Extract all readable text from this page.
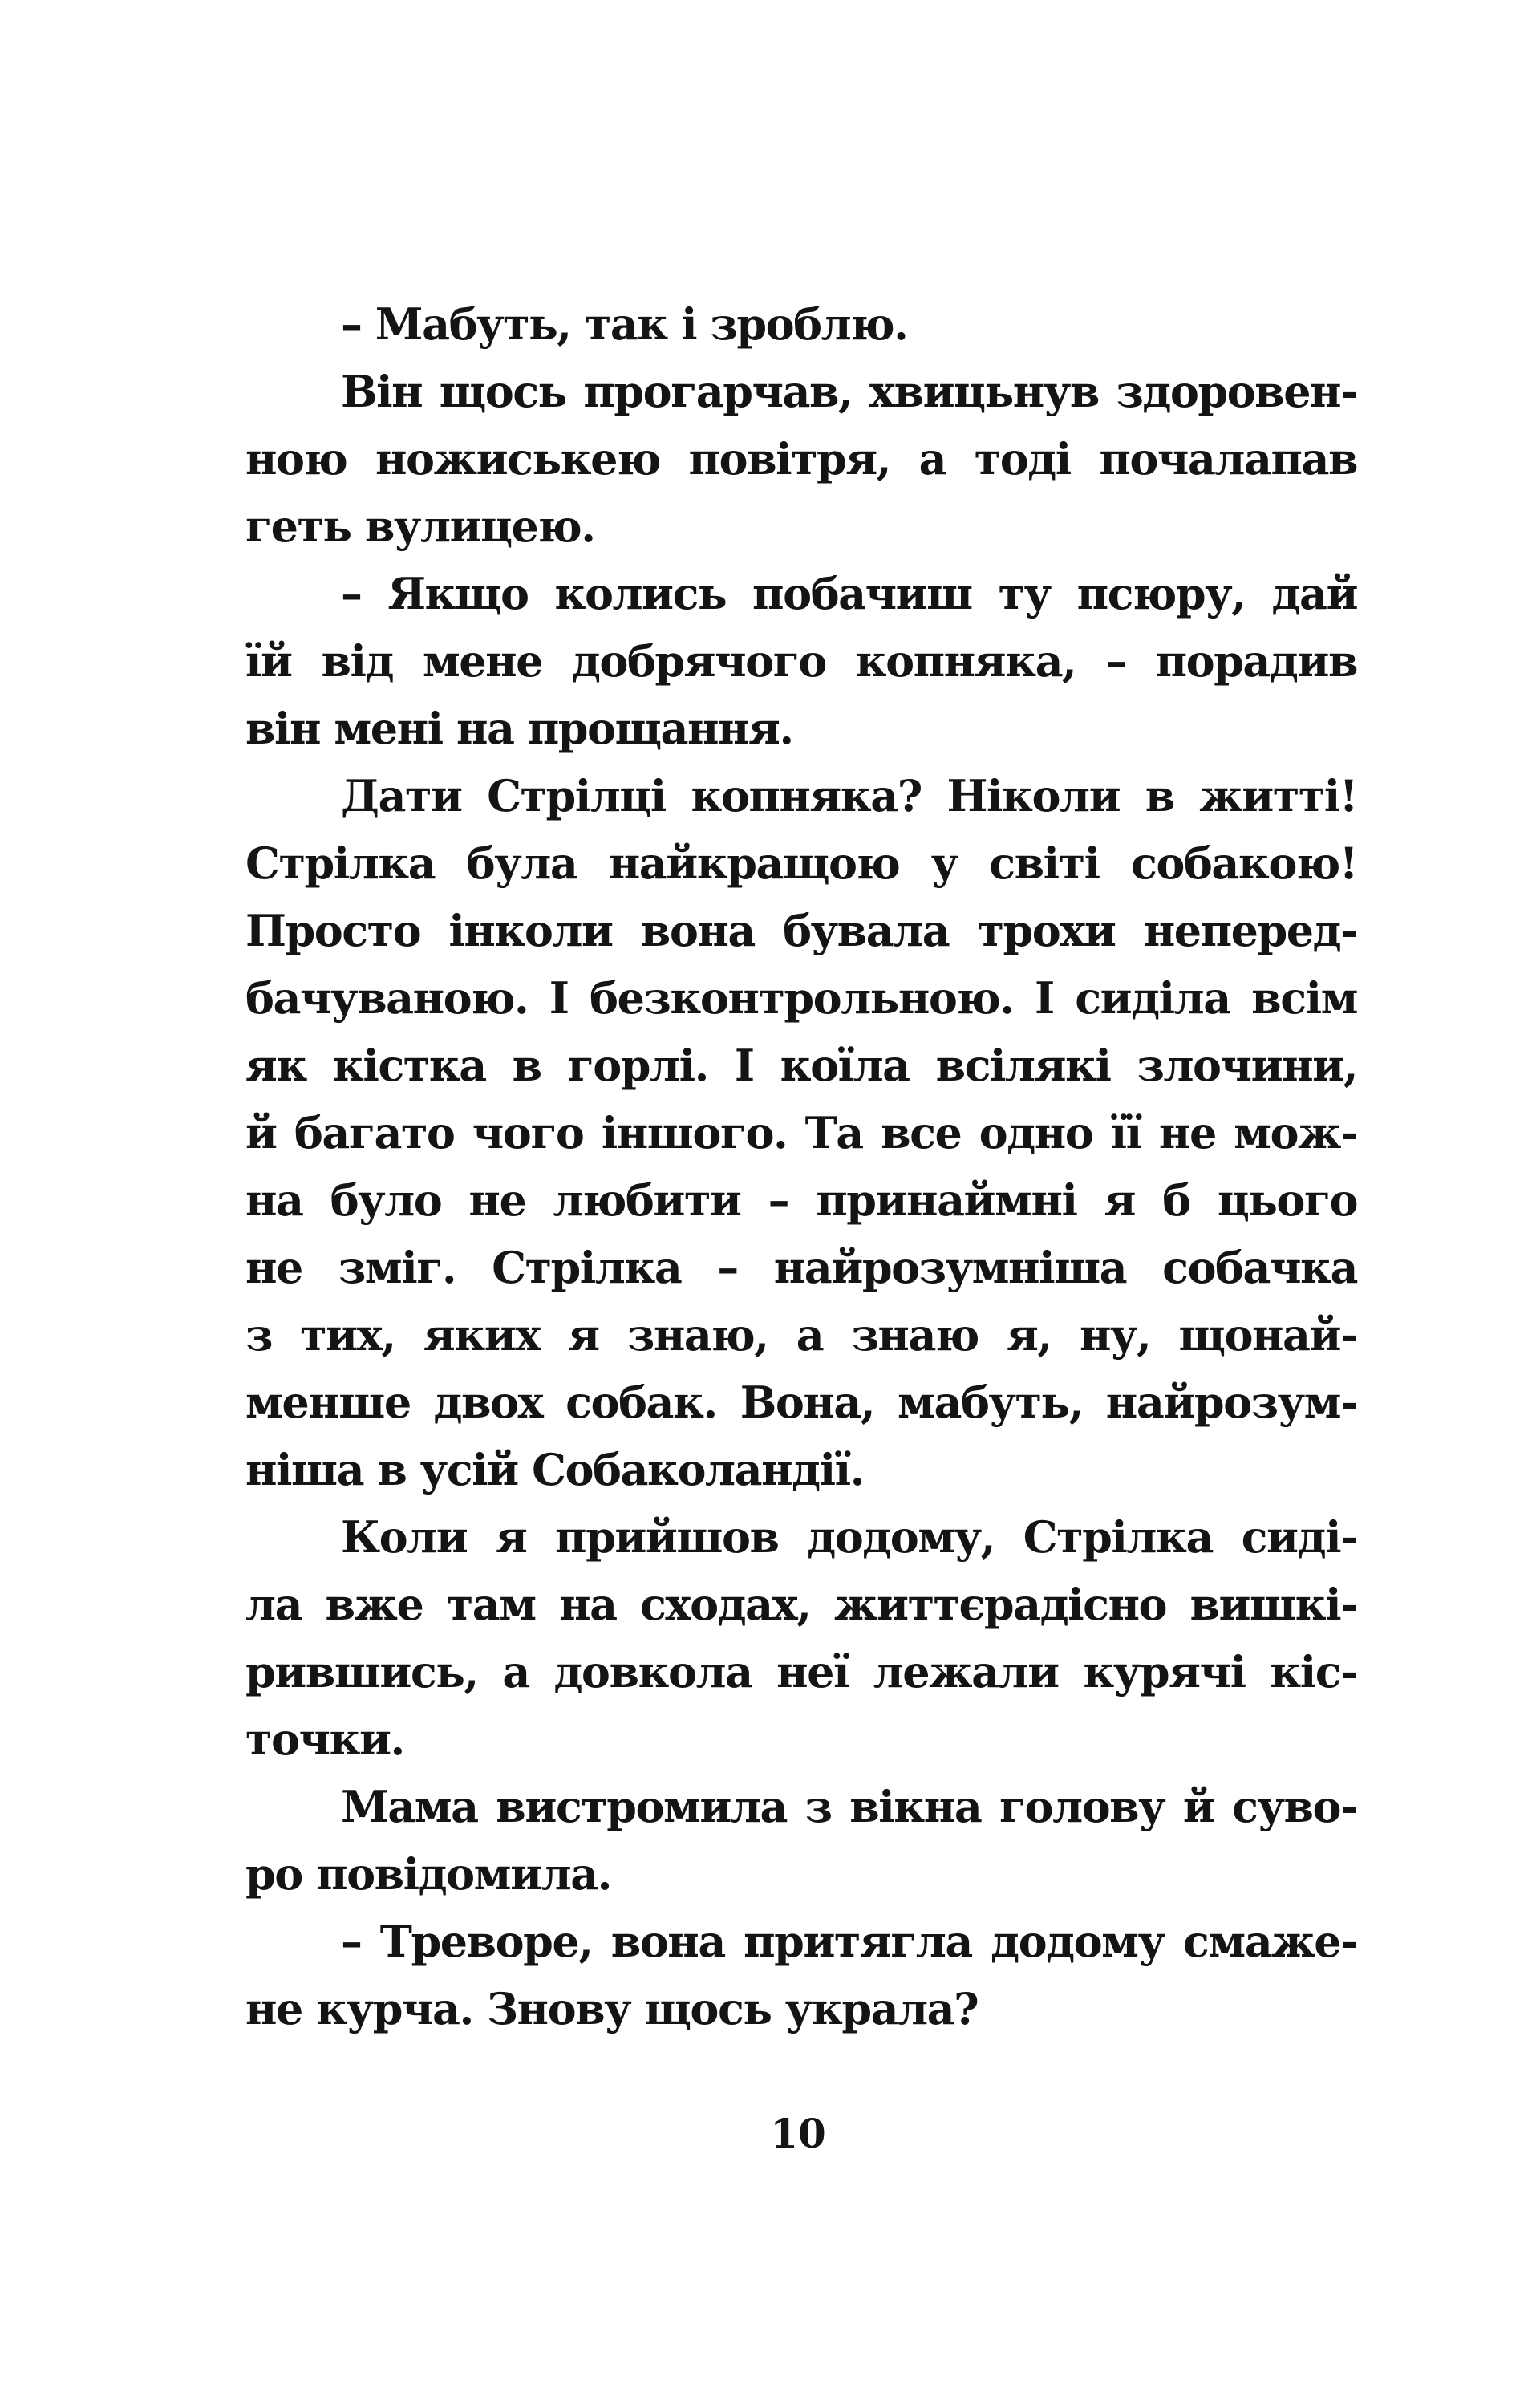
– Мабуть, так і зроблю.
Він щось прогарчав, хвицьнув здоровен-
ною ножиськею повітря, а тоді почалапав
геть вулицею.
– Якщо колись побачиш ту псюру, дай
їй від мене добрячого копняка, – порадив
він мені на прощання.
Дати Стрілці копняка? Ніколи в житті!
Стрілка була найкращою у світі собакою!
Просто інколи вона бувала трохи неперед-
бачуваною. І безконтрольною. І сиділа всім
як кістка в горлі. І коїла всілякі злочини,
й багато чого іншого. Та все одно її не мож-
на було не любити – принаймні я б цього
не зміг. Стрілка – найрозумніша собачка
з тих, яких я знаю, а знаю я, ну, щонай-
менше двох собак. Вона, мабуть, найрозум-
ніша в усій Собаколандії.
Коли я прийшов додому, Стрілка сиді-
ла вже там на сходах, життєрадісно вишкі-
рившись, а довкола неї лежали курячі кіс-
точки.
Мама вистромила з вікна голову й суво-
ро повідомила.
– Треворе, вона притягла додому смаже-
не курча. Знову щось украла?
10
